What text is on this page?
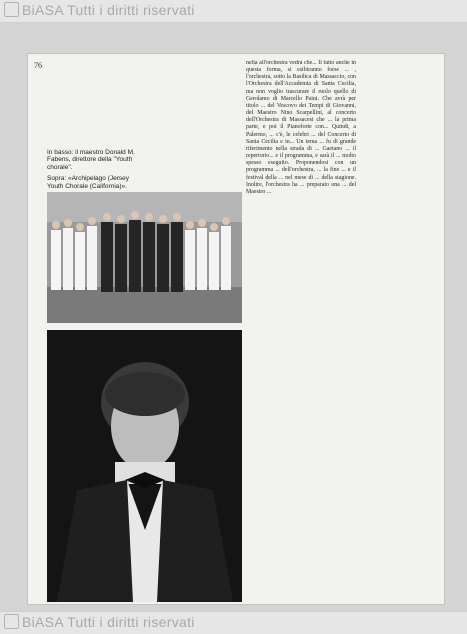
BiASA Tutti i diritti riservati
76

In basso: il maestro Donald M. Fabens, direttore della "Youth chorale".

Sopra: «Archipelago (Jersey Youth Chorale (California)».

nella all'orchestra vedrà che... Il tutto anche in questa forma, si esibiranno forse ... , l'orchestra, sotto la Basilica di Massaccio, con l'Orchestra dell'Accademia di Santa Cecilia, ma non voglio trascurare il ruolo quello di Gerolamo di Marcello Paini. Che avrà per titolo ... del Vescovo dei Tempi di Giovanni, del Maestro Nino Scarpellini, al concerto dell'Orchestra di Massacesi che ... la prima parte, e poi il Pianoforte con... Quindi, a Palermo, ... c'è, le celebri ... del Concerto di Santa Cecilia e in... Un tema ... fu di grande riferimento nella strada di ... Gaetano ... il repertorio... e il programma, e sarà il ... molto spesso eseguito. Proponendosi con un programma ... dell'orchestra, ... la fine ... e il festival della ... nel mese di ... della stagione. Inoltre, l'orchestra ha ... preparato una ... del Maestro ...
BiASA Tutti i diritti riservati
